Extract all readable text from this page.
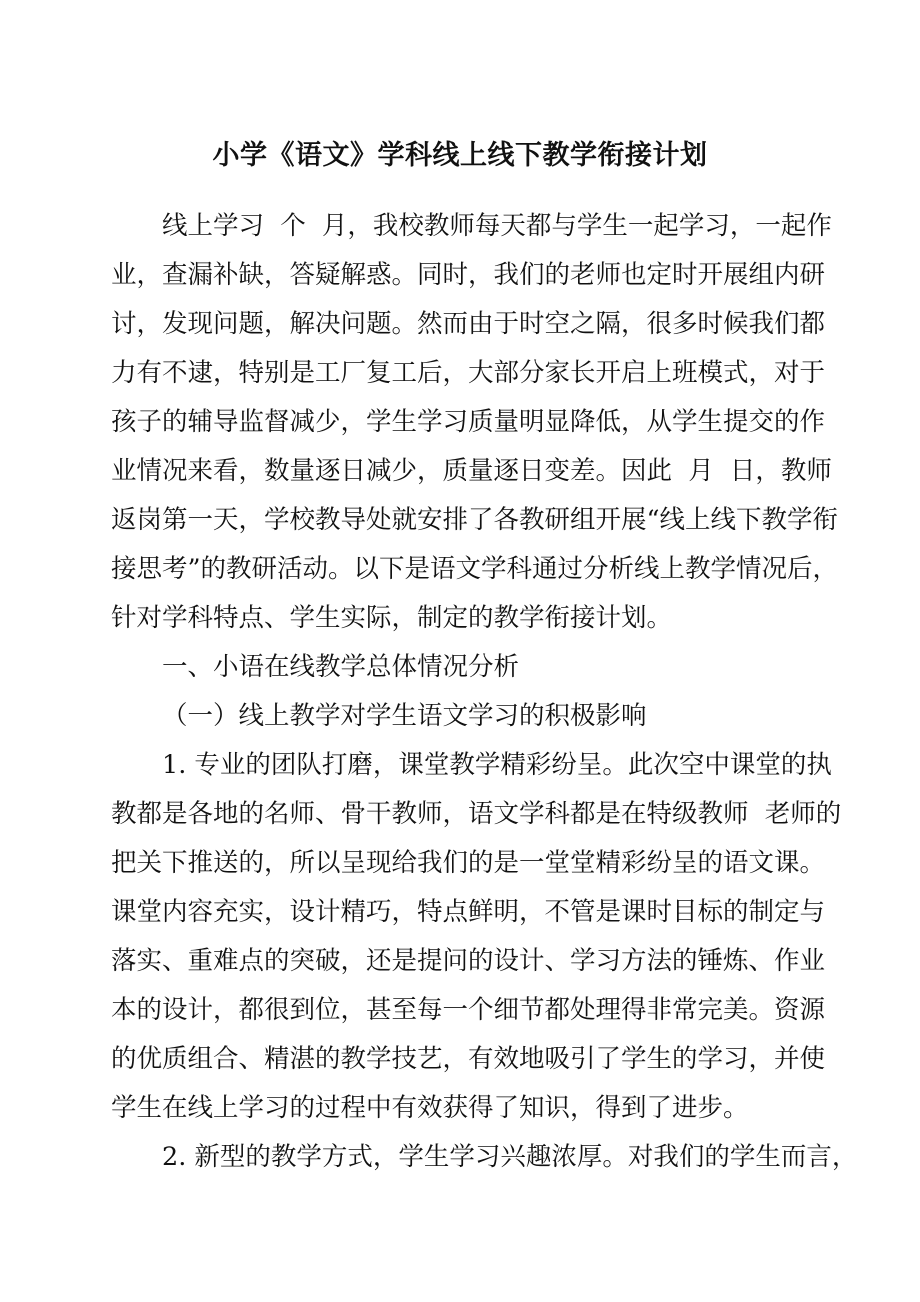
小学《语文》学科线上线下教学衔接计划
线上学习  个  月，我校教师每天都与学生一起学习，一起作
业，查漏补缺，答疑解惑。同时，我们的老师也定时开展组内研
讨，发现问题，解决问题。然而由于时空之隔，很多时候我们都
力有不逮，特别是工厂复工后，大部分家长开启上班模式，对于
孩子的辅导监督减少，学生学习质量明显降低，从学生提交的作
业情况来看，数量逐日减少，质量逐日变差。因此  月  日，教师
返岗第一天，学校教导处就安排了各教研组开展“线上线下教学衔
接思考”的教研活动。以下是语文学科通过分析线上教学情况后，
针对学科特点、学生实际，制定的教学衔接计划。
一、小语在线教学总体情况分析
（一）线上教学对学生语文学习的积极影响
1. 专业的团队打磨，课堂教学精彩纷呈。此次空中课堂的执
教都是各地的名师、骨干教师，语文学科都是在特级教师  老师的
把关下推送的，所以呈现给我们的是一堂堂精彩纷呈的语文课。
课堂内容充实，设计精巧，特点鲜明，不管是课时目标的制定与
落实、重难点的突破，还是提问的设计、学习方法的锤炼、作业
本的设计，都很到位，甚至每一个细节都处理得非常完美。资源
的优质组合、精湛的教学技艺，有效地吸引了学生的学习，并使
学生在线上学习的过程中有效获得了知识，得到了进步。
2. 新型的教学方式，学生学习兴趣浓厚。对我们的学生而言，
